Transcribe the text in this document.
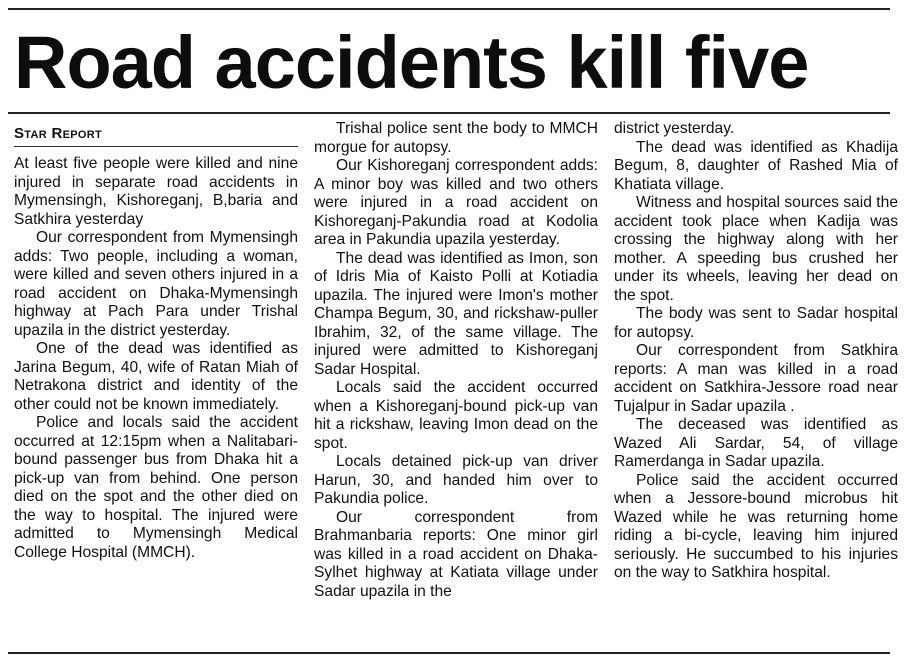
Road accidents kill five
Star Report

At least five people were killed and nine injured in separate road accidents in Mymensingh, Kishoreganj, B,baria and Satkhira yesterday

Our correspondent from Mymensingh adds: Two people, including a woman, were killed and seven others injured in a road accident on Dhaka-Mymensingh highway at Pach Para under Trishal upazila in the district yesterday.

One of the dead was identified as Jarina Begum, 40, wife of Ratan Miah of Netrakona district and identity of the other could not be known immediately.

Police and locals said the accident occurred at 12:15pm when a Nalitabari-bound passenger bus from Dhaka hit a pick-up van from behind. One person died on the spot and the other died on the way to hospital. The injured were admitted to Mymensingh Medical College Hospital (MMCH).

Trishal police sent the body to MMCH morgue for autopsy.

Our Kishoreganj correspondent adds: A minor boy was killed and two others were injured in a road accident on Kishoreganj-Pakundia road at Kodolia area in Pakundia upazila yesterday.

The dead was identified as Imon, son of Idris Mia of Kaisto Polli at Kotiadia upazila. The injured were Imon's mother Champa Begum, 30, and rickshaw-puller Ibrahim, 32, of the same village. The injured were admitted to Kishoreganj Sadar Hospital.

Locals said the accident occurred when a Kishoreganj-bound pick-up van hit a rickshaw, leaving Imon dead on the spot.

Locals detained pick-up van driver Harun, 30, and handed him over to Pakundia police.

Our correspondent from Brahmanbaria reports: One minor girl was killed in a road accident on Dhaka-Sylhet highway at Katiata village under Sadar upazila in the

district yesterday.

The dead was identified as Khadija Begum, 8, daughter of Rashed Mia of Khatiata village.

Witness and hospital sources said the accident took place when Kadija was crossing the highway along with her mother. A speeding bus crushed her under its wheels, leaving her dead on the spot.

The body was sent to Sadar hospital for autopsy.

Our correspondent from Satkhira reports: A man was killed in a road accident on Satkhira-Jessore road near Tujalpur in Sadar upazila .

The deceased was identified as Wazed Ali Sardar, 54, of village Ramerdanga in Sadar upazila.

Police said the accident occurred when a Jessore-bound microbus hit Wazed while he was returning home riding a bi-cycle, leaving him injured seriously. He succumbed to his injuries on the way to Satkhira hospital.
